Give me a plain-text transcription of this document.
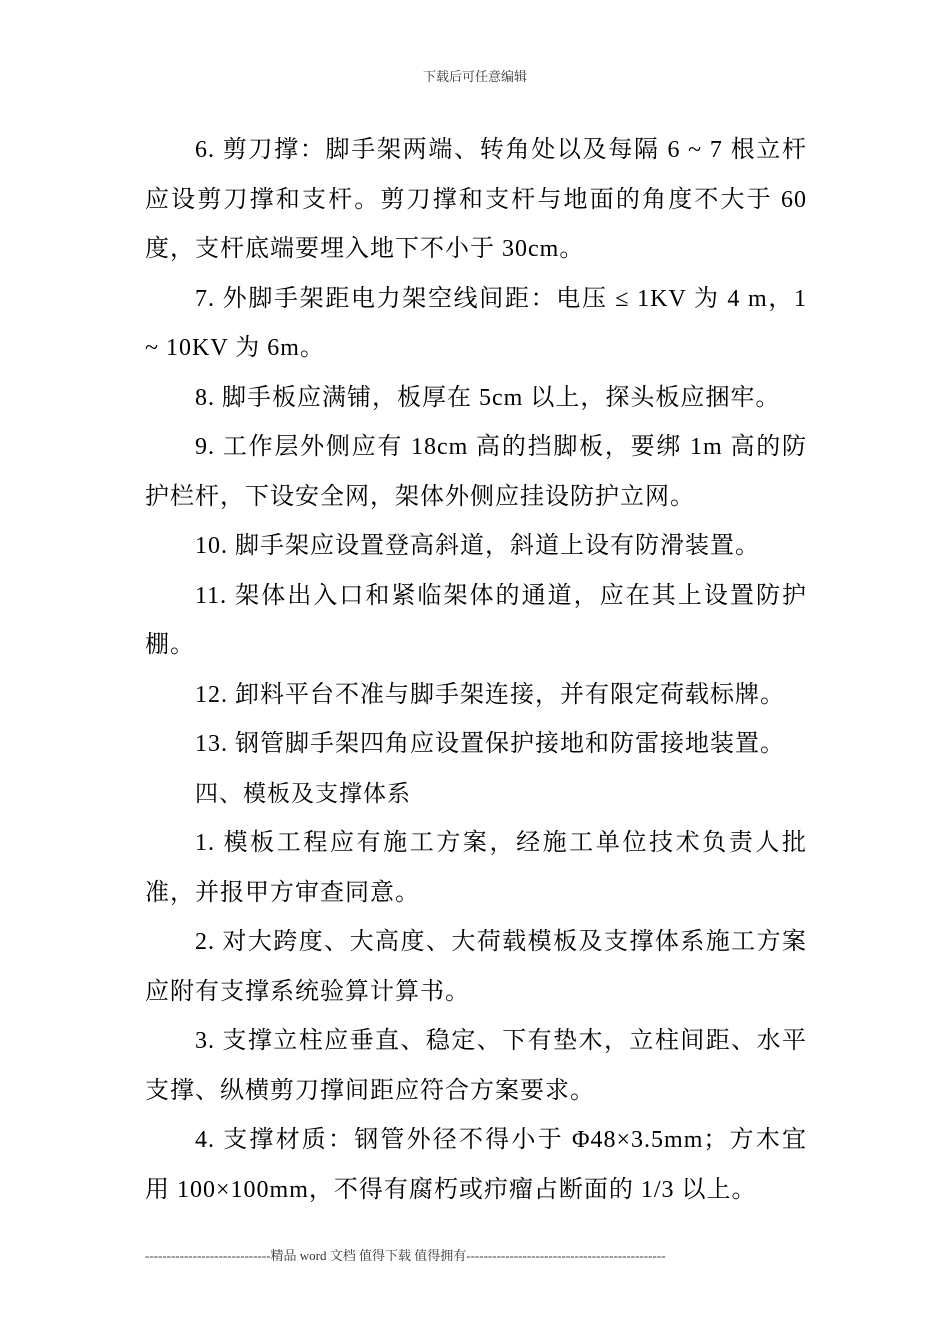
下载后可任意编辑

6. 剪刀撑：脚手架两端、转角处以及每隔 6 ~ 7 根立杆应设剪刀撑和支杆。剪刀撑和支杆与地面的角度不大于 60 度，支杆底端要埋入地下不小于 30cm。

7. 外脚手架距电力架空线间距：电压 ≤ 1KV 为 4 m，1 ~ 10KV 为 6m。

8. 脚手板应满铺，板厚在 5cm 以上，探头板应捆牢。

9. 工作层外侧应有 18cm 高的挡脚板，要绑 1m 高的防护栏杆，下设安全网，架体外侧应挂设防护立网。

10. 脚手架应设置登高斜道，斜道上设有防滑装置。

11. 架体出入口和紧临架体的通道，应在其上设置防护棚。

12. 卸料平台不准与脚手架连接，并有限定荷载标牌。

13. 钢管脚手架四角应设置保护接地和防雷接地装置。

四、模板及支撑体系

1. 模板工程应有施工方案，经施工单位技术负责人批准，并报甲方审查同意。

2. 对大跨度、大高度、大荷载模板及支撑体系施工方案应附有支撑系统验算计算书。

3. 支撑立柱应垂直、稳定、下有垫木，立柱间距、水平支撑、纵横剪刀撑间距应符合方案要求。

4. 支撑材质：钢管外径不得小于 Φ48×3.5mm；方木宜用 100×100mm，不得有腐朽或疖瘤占断面的 1/3 以上。

-----------------------------精品 word 文档 值得下载 值得拥有----------------------------------------------
